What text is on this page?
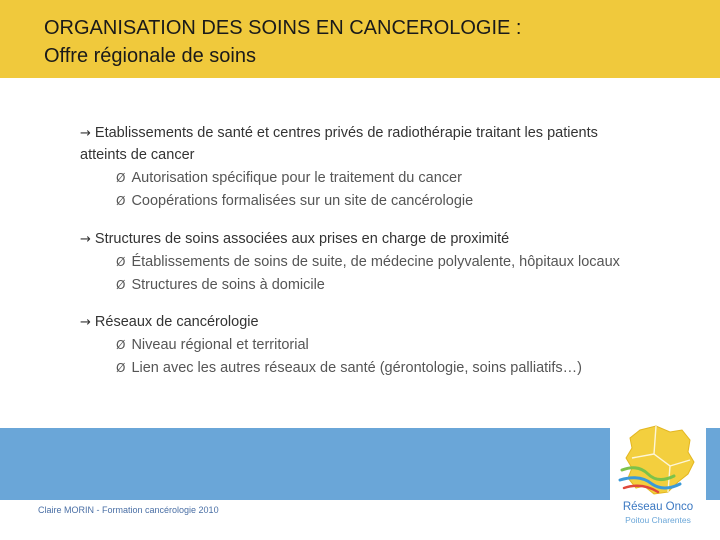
ORGANISATION DES SOINS EN CANCEROLOGIE :
Offre régionale de soins
→ Etablissements de santé et centres privés de radiothérapie traitant les patients
atteints de cancer
Ø Autorisation spécifique pour le traitement du cancer
Ø Coopérations formalisées sur un site de cancérologie
→ Structures de soins associées aux prises en charge de proximité
Ø Établissements de soins de suite, de médecine polyvalente, hôpitaux locaux
Ø Structures de soins à domicile
→ Réseaux de cancérologie
Ø Niveau régional et territorial
Ø Lien avec les autres réseaux de santé (gérontologie, soins palliatifs…)
Claire MORIN - Formation cancérologie 2010	Réseau Onco
Poitou Charentes
